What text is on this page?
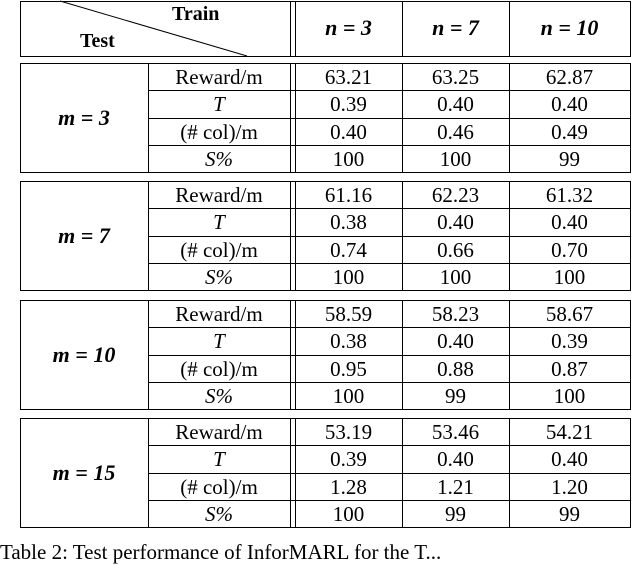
Train
Test
n = 3	n = 7	n = 10
m = 3
Reward/m	63.21	63.25	62.87
T	0.39	0.40	0.40
(# col)/m	0.40	0.46	0.49
S%	100	100	99
m = 7
Reward/m	61.16	62.23	61.32
T	0.38	0.40	0.40
(# col)/m	0.74	0.66	0.70
S%	100	100	100
m = 10
Reward/m	58.59	58.23	58.67
T	0.38	0.40	0.39
(# col)/m	0.95	0.88	0.87
S%	100	99	100
m = 15
Reward/m	53.19	53.46	54.21
T	0.39	0.40	0.40
(# col)/m	1.28	1.21	1.20
S%	100	99	99
Table 2: Test performance of InforMARL for the T...
